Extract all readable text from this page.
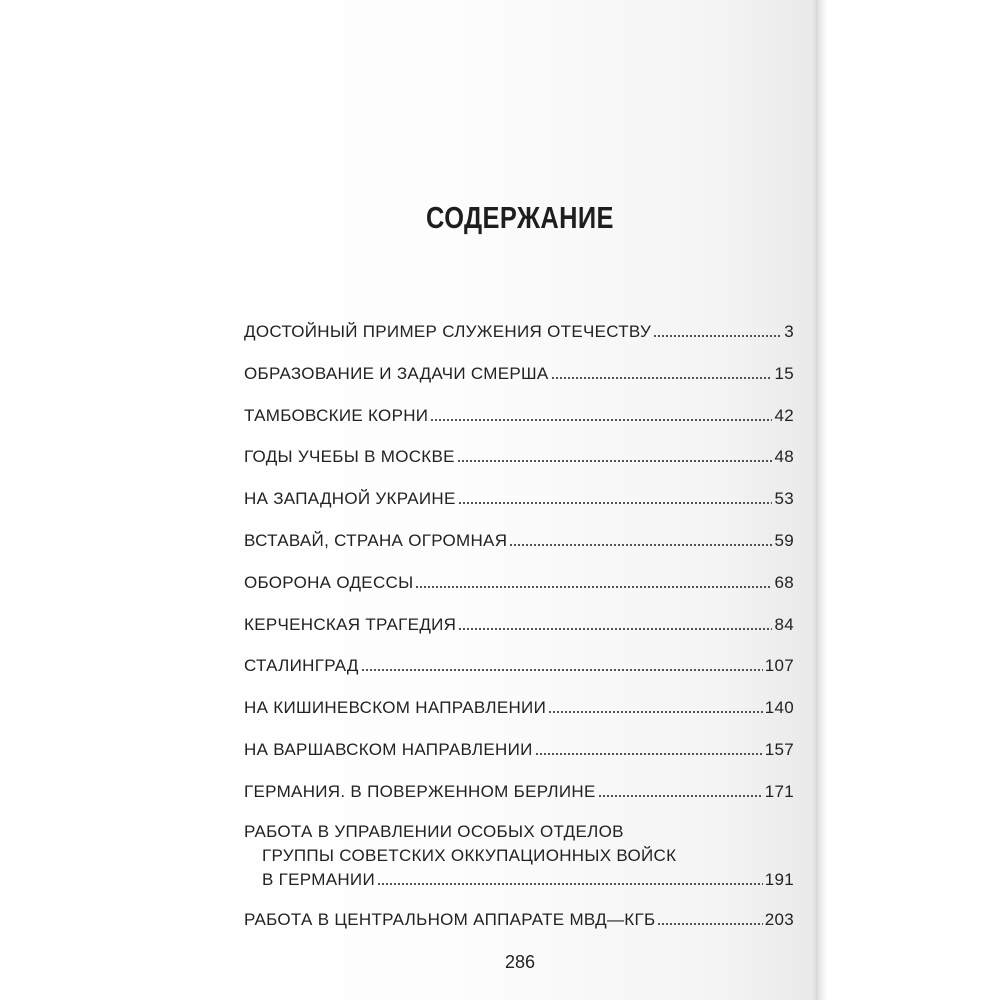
СОДЕРЖАНИЕ
ДОСТОЙНЫЙ ПРИМЕР СЛУЖЕНИЯ ОТЕЧЕСТВУ	3
ОБРАЗОВАНИЕ И ЗАДАЧИ СМЕРША	15
ТАМБОВСКИЕ КОРНИ	42
ГОДЫ УЧЕБЫ В МОСКВЕ	48
НА ЗАПАДНОЙ УКРАИНЕ	53
ВСТАВАЙ, СТРАНА ОГРОМНАЯ	59
ОБОРОНА ОДЕССЫ	68
КЕРЧЕНСКАЯ ТРАГЕДИЯ	84
СТАЛИНГРАД	107
НА КИШИНЕВСКОМ НАПРАВЛЕНИИ	140
НА ВАРШАВСКОМ НАПРАВЛЕНИИ	157
ГЕРМАНИЯ. В ПОВЕРЖЕННОМ БЕРЛИНЕ	171
РАБОТА В УПРАВЛЕНИИ ОСОБЫХ ОТДЕЛОВ
ГРУППЫ СОВЕТСКИХ ОККУПАЦИОННЫХ ВОЙСК
В ГЕРМАНИИ	191
РАБОТА В ЦЕНТРАЛЬНОМ АППАРАТЕ МВД—КГБ	203
286
